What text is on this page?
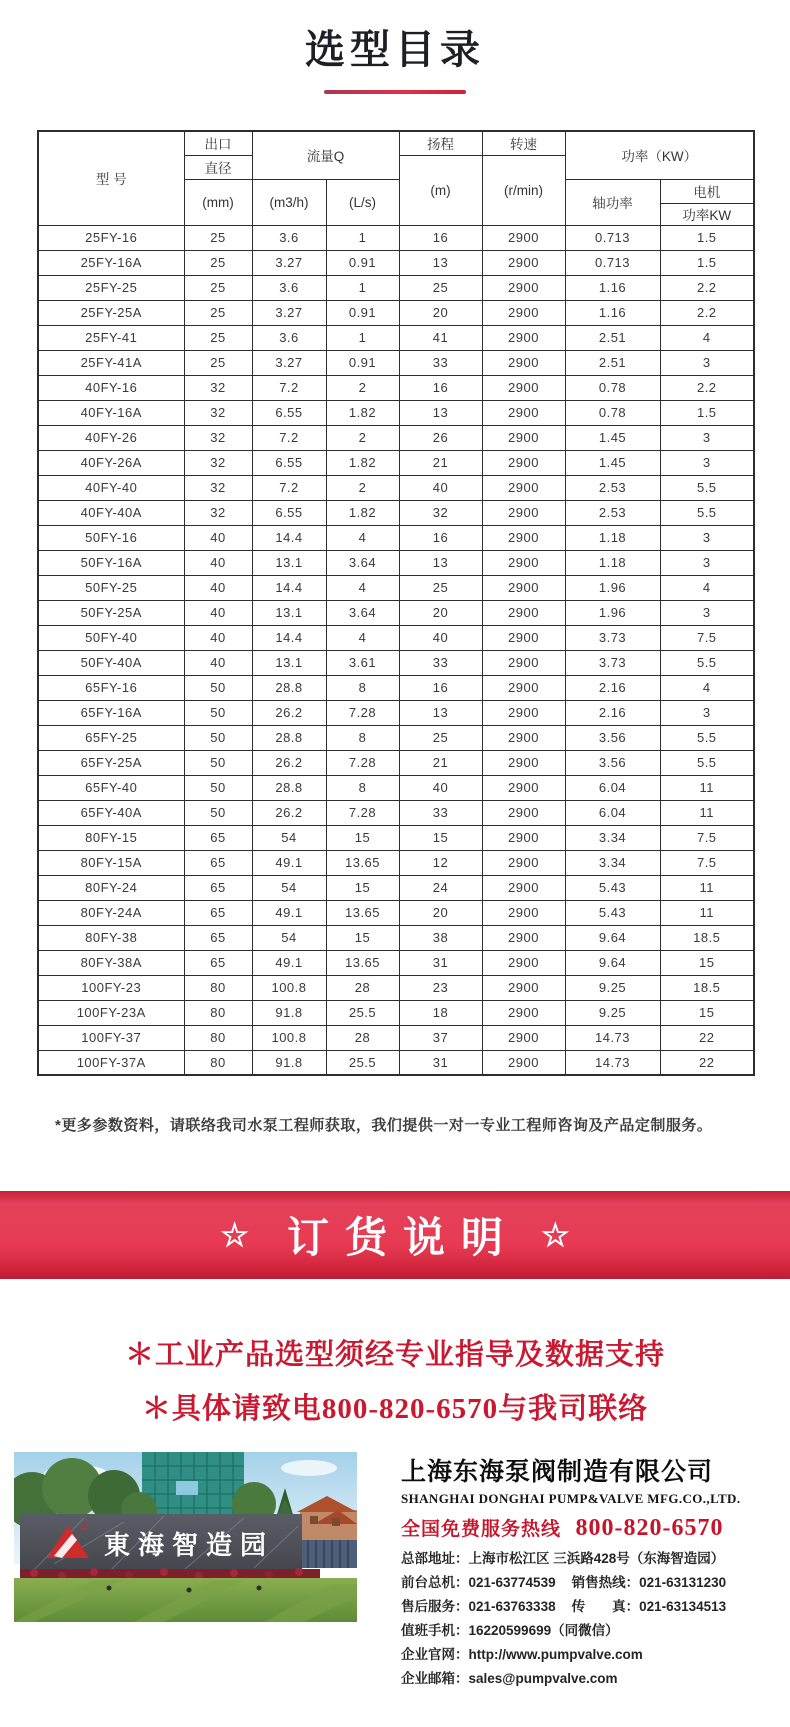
选型目录
型 号	出口	流量Q		扬程	转速	功率（KW）	
	直径			(m)	(r/min)		
	(mm)	(m3/h)	(L/s)			轴功率	电机
							功率KW
25FY-16	25	3.6	1	16	2900	0.713	1.5
25FY-16A	25	3.27	0.91	13	2900	0.713	1.5
25FY-25	25	3.6	1	25	2900	1.16	2.2
25FY-25A	25	3.27	0.91	20	2900	1.16	2.2
25FY-41	25	3.6	1	41	2900	2.51	4
25FY-41A	25	3.27	0.91	33	2900	2.51	3
40FY-16	32	7.2	2	16	2900	0.78	2.2
40FY-16A	32	6.55	1.82	13	2900	0.78	1.5
40FY-26	32	7.2	2	26	2900	1.45	3
40FY-26A	32	6.55	1.82	21	2900	1.45	3
40FY-40	32	7.2	2	40	2900	2.53	5.5
40FY-40A	32	6.55	1.82	32	2900	2.53	5.5
50FY-16	40	14.4	4	16	2900	1.18	3
50FY-16A	40	13.1	3.64	13	2900	1.18	3
50FY-25	40	14.4	4	25	2900	1.96	4
50FY-25A	40	13.1	3.64	20	2900	1.96	3
50FY-40	40	14.4	4	40	2900	3.73	7.5
50FY-40A	40	13.1	3.61	33	2900	3.73	5.5
65FY-16	50	28.8	8	16	2900	2.16	4
65FY-16A	50	26.2	7.28	13	2900	2.16	3
65FY-25	50	28.8	8	25	2900	3.56	5.5
65FY-25A	50	26.2	7.28	21	2900	3.56	5.5
65FY-40	50	28.8	8	40	2900	6.04	11
65FY-40A	50	26.2	7.28	33	2900	6.04	11
80FY-15	65	54	15	15	2900	3.34	7.5
80FY-15A	65	49.1	13.65	12	2900	3.34	7.5
80FY-24	65	54	15	24	2900	5.43	11
80FY-24A	65	49.1	13.65	20	2900	5.43	11
80FY-38	65	54	15	38	2900	9.64	18.5
80FY-38A	65	49.1	13.65	31	2900	9.64	15
100FY-23	80	100.8	28	23	2900	9.25	18.5
100FY-23A	80	91.8	25.5	18	2900	9.25	15
100FY-37	80	100.8	28	37	2900	14.73	22
100FY-37A	80	91.8	25.5	31	2900	14.73	22
*更多参数资料，请联络我司水泵工程师获取，我们提供一对一专业工程师咨询及产品定制服务。
☆ 订货说明 ☆
＊工业产品选型须经专业指导及数据支持
＊具体请致电800-820-6570与我司联络
東海智造园
上海东海泵阀制造有限公司
SHANGHAI DONGHAI PUMP&VALVE MFG.CO.,LTD.
全国免费服务热线 800-820-6570
总部地址：上海市松江区 三浜路428号（东海智造园）
前台总机：021-63774539 销售热线：021-63131230
售后服务：021-63763338 传　　真：021-63134513
值班手机：16220599699（同微信）
企业官网：http://www.pumpvalve.com
企业邮箱：sales@pumpvalve.com
